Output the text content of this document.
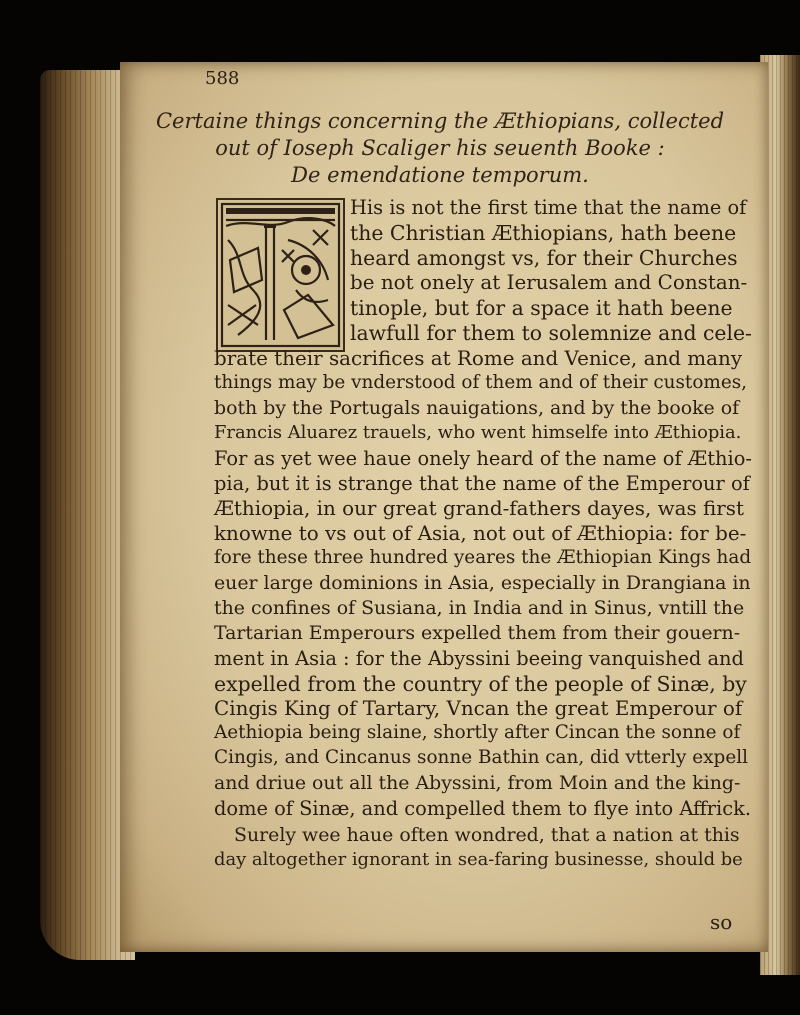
588
Certaine things concerning the Æthiopians, collected
out of Ioseph Scaliger his seuenth Booke :
De emendatione temporum.
His is not the first time that the name of
the Christian Æthiopians, hath beene
heard amongst vs, for their Churches
be not onely at Ierusalem and Constan-
tinople, but for a space it hath beene
lawfull for them to solemnize and cele-
brate their sacrifices at Rome and Venice, and many
things may be vnderstood of them and of their customes,
both by the Portugals nauigations, and by the booke of
Francis Aluarez trauels, who went himselfe into Æthiopia.
For as yet wee haue onely heard of the name of Æthio-
pia, but it is strange that the name of the Emperour of
Æthiopia, in our great grand-fathers dayes, was first
knowne to vs out of Asia, not out of Æthiopia: for be-
fore these three hundred yeares the Æthiopian Kings had
euer large dominions in Asia, especially in Drangiana in
the confines of Susiana, in India and in Sinus, vntill the
Tartarian Emperours expelled them from their gouern-
ment in Asia : for the Abyssini beeing vanquished and
expelled from the country of the people of Sinæ, by
Cingis King of Tartary, Vncan the great Emperour of
Aethiopia being slaine, shortly after Cincan the sonne of
Cingis, and Cincanus sonne Bathin can, did vtterly expell
and driue out all the Abyssini, from Moin and the king-
dome of Sinæ, and compelled them to flye into Affrick.
Surely wee haue often wondred, that a nation at this
day altogether ignorant in sea-faring businesse, should be
so
